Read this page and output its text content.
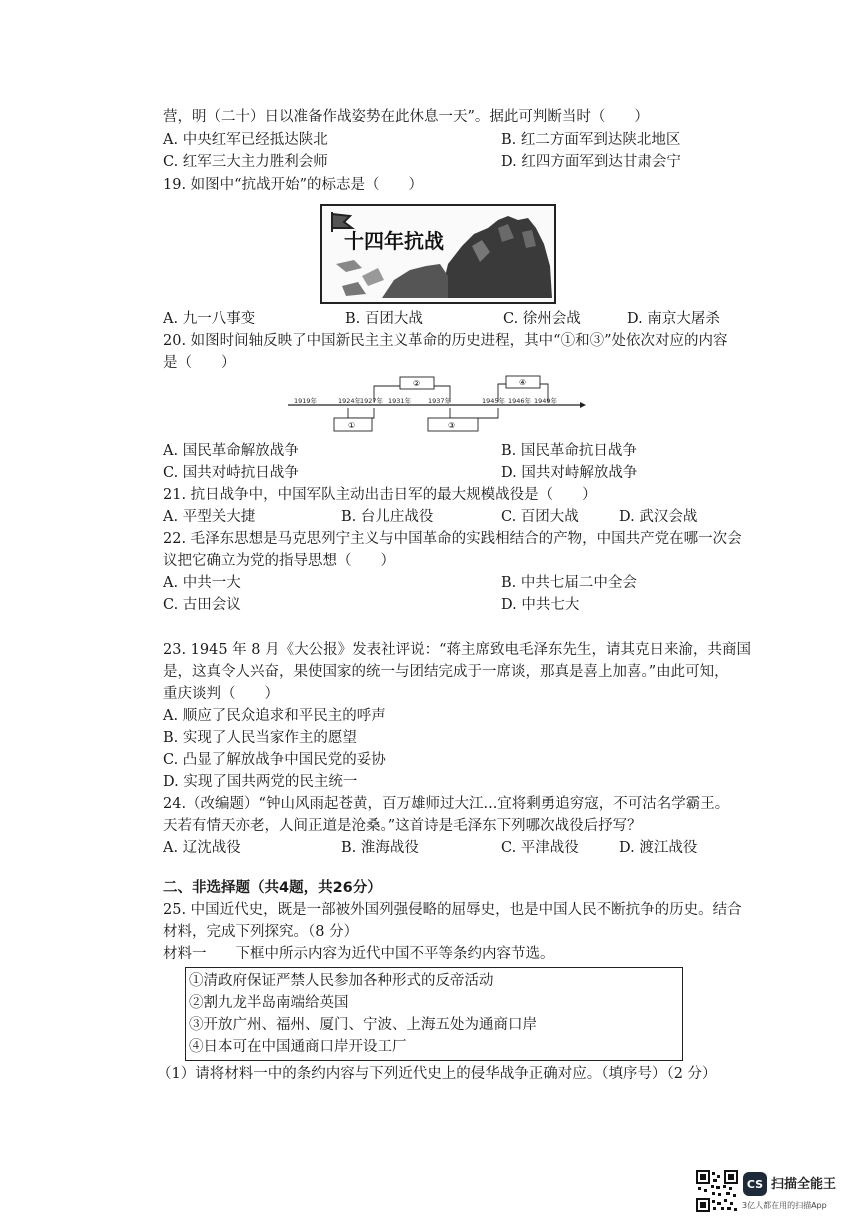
营，明（二十）日以准备作战姿势在此休息一天”。据此可判断当时（　　）
A. 中央红军已经抵达陕北	B. 红二方面军到达陕北地区
C. 红军三大主力胜利会师	D. 红四方面军到达甘肃会宁
19. 如图中“抗战开始”的标志是（　　）
十四年抗战
A. 九一八事变	B. 百团大战	C. 徐州会战	D. 南京大屠杀
20. 如图时间轴反映了中国新民主主义革命的历史进程，其中“①和③”处依次对应的内容
是（　　）
1919年	1924年
1927年 1931年	1937年	1945年 1946年 1949年
②	④
①	③
A. 国民革命解放战争	B. 国民革命抗日战争
C. 国共对峙抗日战争	D. 国共对峙解放战争
21. 抗日战争中，中国军队主动出击日军的最大规模战役是（　　）
A. 平型关大捷	B. 台儿庄战役	C. 百团大战	D. 武汉会战
22. 毛泽东思想是马克思列宁主义与中国革命的实践相结合的产物，中国共产党在哪一次会
议把它确立为党的指导思想（　　）
A. 中共一大	B. 中共七届二中全会
C. 古田会议	D. 中共七大
23. 1945 年 8 月《大公报》发表社评说：“蒋主席致电毛泽东先生，请其克日来渝，共商国
是，这真令人兴奋，果使国家的统一与团结完成于一席谈，那真是喜上加喜。”由此可知，
重庆谈判（　　）
A. 顺应了民众追求和平民主的呼声
B. 实现了人民当家作主的愿望
C. 凸显了解放战争中国民党的妥协
D. 实现了国共两党的民主统一
24.（改编题）“钟山风雨起苍黄，百万雄师过大江...宜将剩勇追穷寇，不可沽名学霸王。
天若有情天亦老，人间正道是沧桑。”这首诗是毛泽东下列哪次战役后抒写？
A. 辽沈战役	B. 淮海战役	C. 平津战役	D. 渡江战役
二、非选择题（共4题，共26分）
25. 中国近代史，既是一部被外国列强侵略的屈辱史，也是中国人民不断抗争的历史。结合
材料，完成下列探究。（8 分）
材料一　　下框中所示内容为近代中国不平等条约内容节选。
①清政府保证严禁人民参加各种形式的反帝活动
②割九龙半岛南端给英国
③开放广州、福州、厦门、宁波、上海五处为通商口岸
④日本可在中国通商口岸开设工厂
（1）请将材料一中的条约内容与下列近代史上的侵华战争正确对应。（填序号）（2 分）
CS 扫描全能王
3亿人都在用的扫描App
